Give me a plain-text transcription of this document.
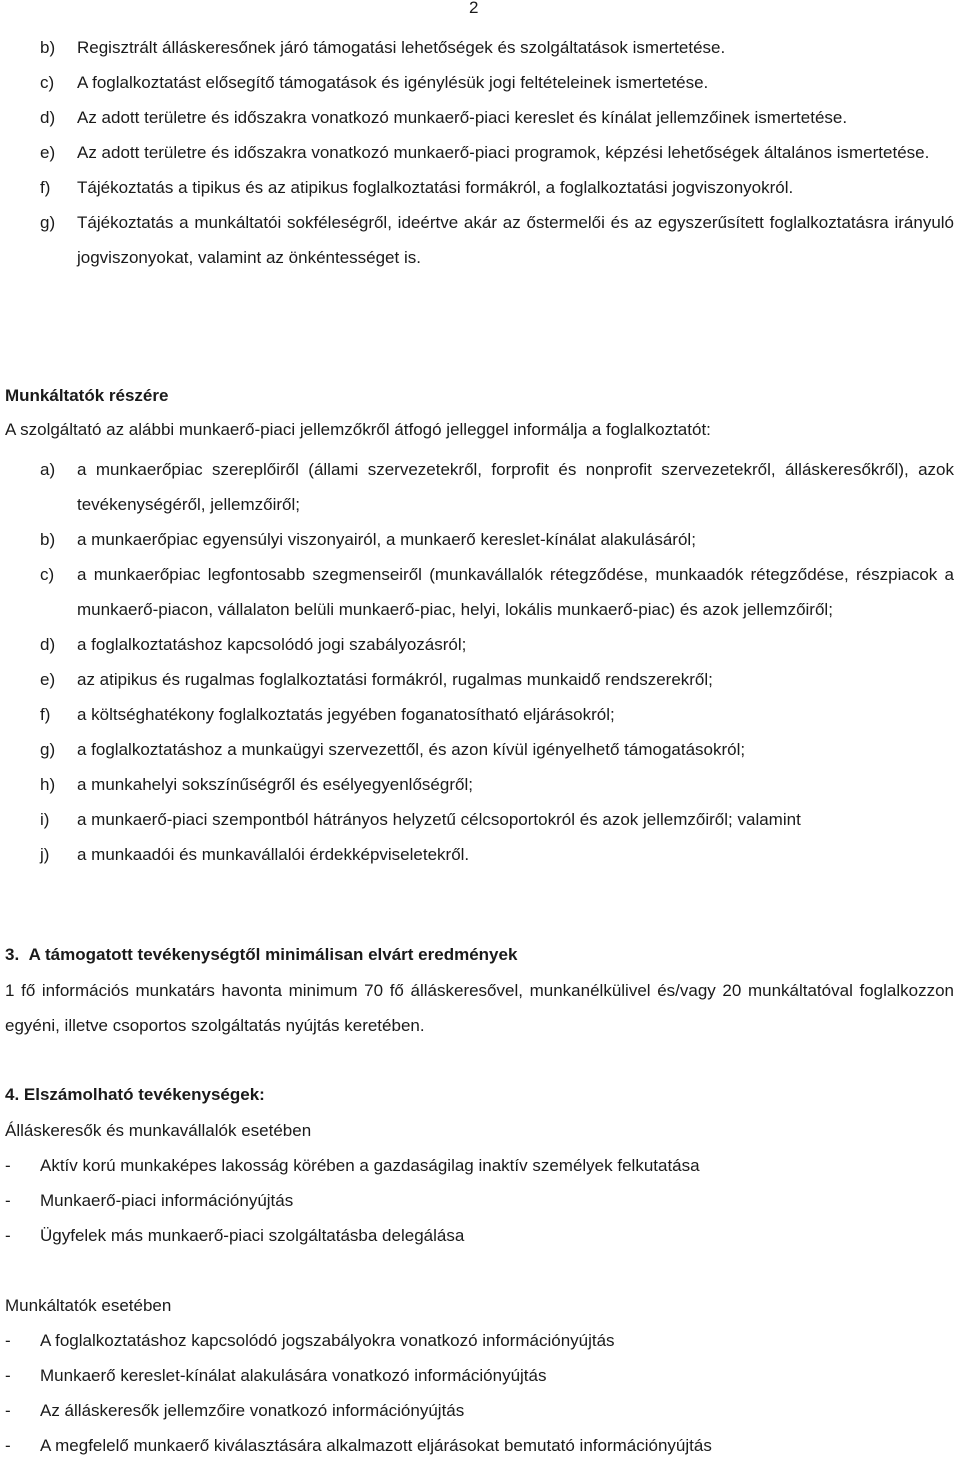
2
b)	Regisztrált álláskeresőnek járó támogatási lehetőségek és szolgáltatások ismertetése.
c)	A foglalkoztatást elősegítő támogatások és igénylésük jogi feltételeinek ismertetése.
d)	Az adott területre és időszakra vonatkozó munkaerő-piaci kereslet és kínálat jellemzőinek ismertetése.
e)	Az adott területre és időszakra vonatkozó munkaerő-piaci programok, képzési lehetőségek általános ismertetése.
f)	Tájékoztatás a tipikus és az atipikus foglalkoztatási formákról, a foglalkoztatási jogviszonyokról.
g)	Tájékoztatás a munkáltatói sokféleségről, ideértve akár az őstermelői és az egyszerűsített foglalkoztatásra irányuló jogviszonyokat, valamint az önkéntességet is.
Munkáltatók részére
A szolgáltató az alábbi munkaerő-piaci jellemzőkről átfogó jelleggel informálja a foglalkoztatót:
a)	a munkaerőpiac szereplőiről (állami szervezetekről, forprofit és nonprofit szervezetekről, álláskeresőkről), azok tevékenységéről, jellemzőiről;
b)	a munkaerőpiac egyensúlyi viszonyairól, a munkaerő kereslet-kínálat alakulásáról;
c)	a munkaerőpiac legfontosabb szegmenseiről (munkavállalók rétegződése, munkaadók rétegződése, részpiacok a munkaerő-piacon, vállalaton belüli munkaerő-piac, helyi, lokális munkaerő-piac) és azok jellemzőiről;
d)	a foglalkoztatáshoz kapcsolódó jogi szabályozásról;
e)	az atipikus és rugalmas foglalkoztatási formákról, rugalmas munkaidő rendszerekről;
f)	a költséghatékony foglalkoztatás jegyében foganatosítható eljárásokról;
g)	a foglalkoztatáshoz a munkaügyi szervezettől, és azon kívül igényelhető támogatásokról;
h)	a munkahelyi sokszínűségről és esélyegyenlőségről;
i)	a munkaerő-piaci szempontból hátrányos helyzetű célcsoportokról és azok jellemzőiről; valamint
j)	a munkaadói és munkavállalói érdekképviseletekről.
3. A támogatott tevékenységtől minimálisan elvárt eredmények
1 fő információs munkatárs havonta minimum 70 fő álláskeresővel, munkanélkülivel és/vagy 20 munkáltatóval foglalkozzon egyéni, illetve csoportos szolgáltatás nyújtás keretében.
4. Elszámolható tevékenységek:
Álláskeresők és munkavállalók esetében
-	Aktív korú munkaképes lakosság körében a gazdaságilag inaktív személyek felkutatása
-	Munkaerő-piaci információnyújtás
-	Ügyfelek más munkaerő-piaci szolgáltatásba delegálása
Munkáltatók esetében
-	A foglalkoztatáshoz kapcsolódó jogszabályokra vonatkozó információnyújtás
-	Munkaerő kereslet-kínálat alakulására vonatkozó információnyújtás
-	Az álláskeresők jellemzőire vonatkozó információnyújtás
-	A megfelelő munkaerő kiválasztására alkalmazott eljárásokat bemutató információnyújtás
